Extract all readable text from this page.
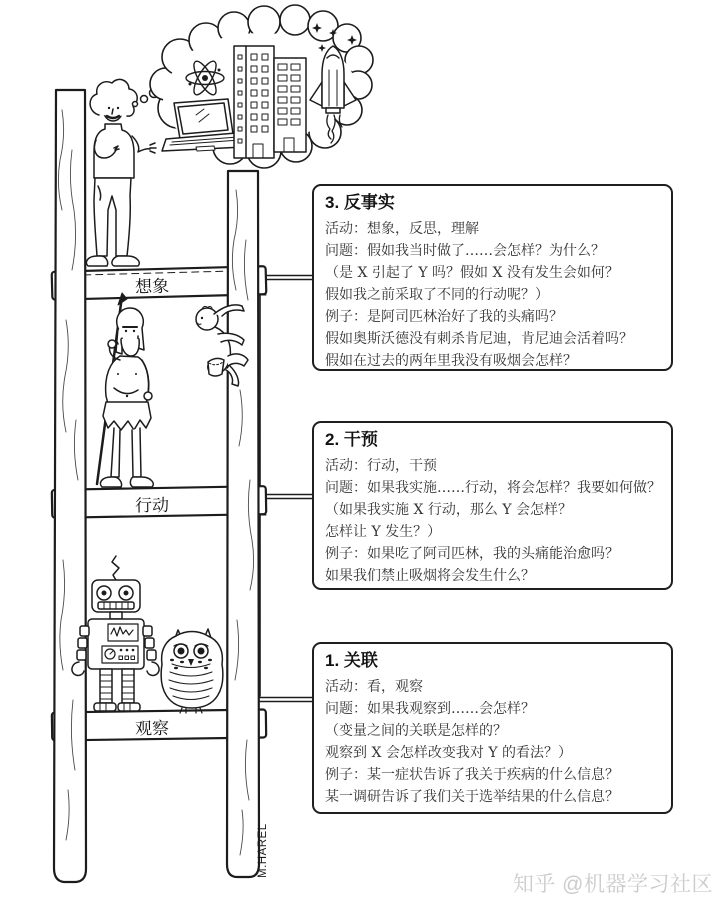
想象
行动
观察
M.HAREL
3. 反事实
活动：想象，反思，理解
问题：假如我当时做了……会怎样？为什么？
（是 X 引起了 Y 吗？假如 X 没有发生会如何？
假如我之前采取了不同的行动呢？）
例子：是阿司匹林治好了我的头痛吗？
假如奥斯沃德没有刺杀肯尼迪，肯尼迪会活着吗？
假如在过去的两年里我没有吸烟会怎样？
2. 干预
活动：行动，干预
问题：如果我实施……行动，将会怎样？我要如何做？
（如果我实施 X 行动，那么 Y 会怎样？
怎样让 Y 发生？）
例子：如果吃了阿司匹林，我的头痛能治愈吗？
如果我们禁止吸烟将会发生什么？
1. 关联
活动：看，观察
问题：如果我观察到……会怎样？
（变量之间的关联是怎样的？
观察到 X 会怎样改变我对 Y 的看法？）
例子：某一症状告诉了我关于疾病的什么信息？
某一调研告诉了我们关于选举结果的什么信息？
知乎 @机器学习社区
